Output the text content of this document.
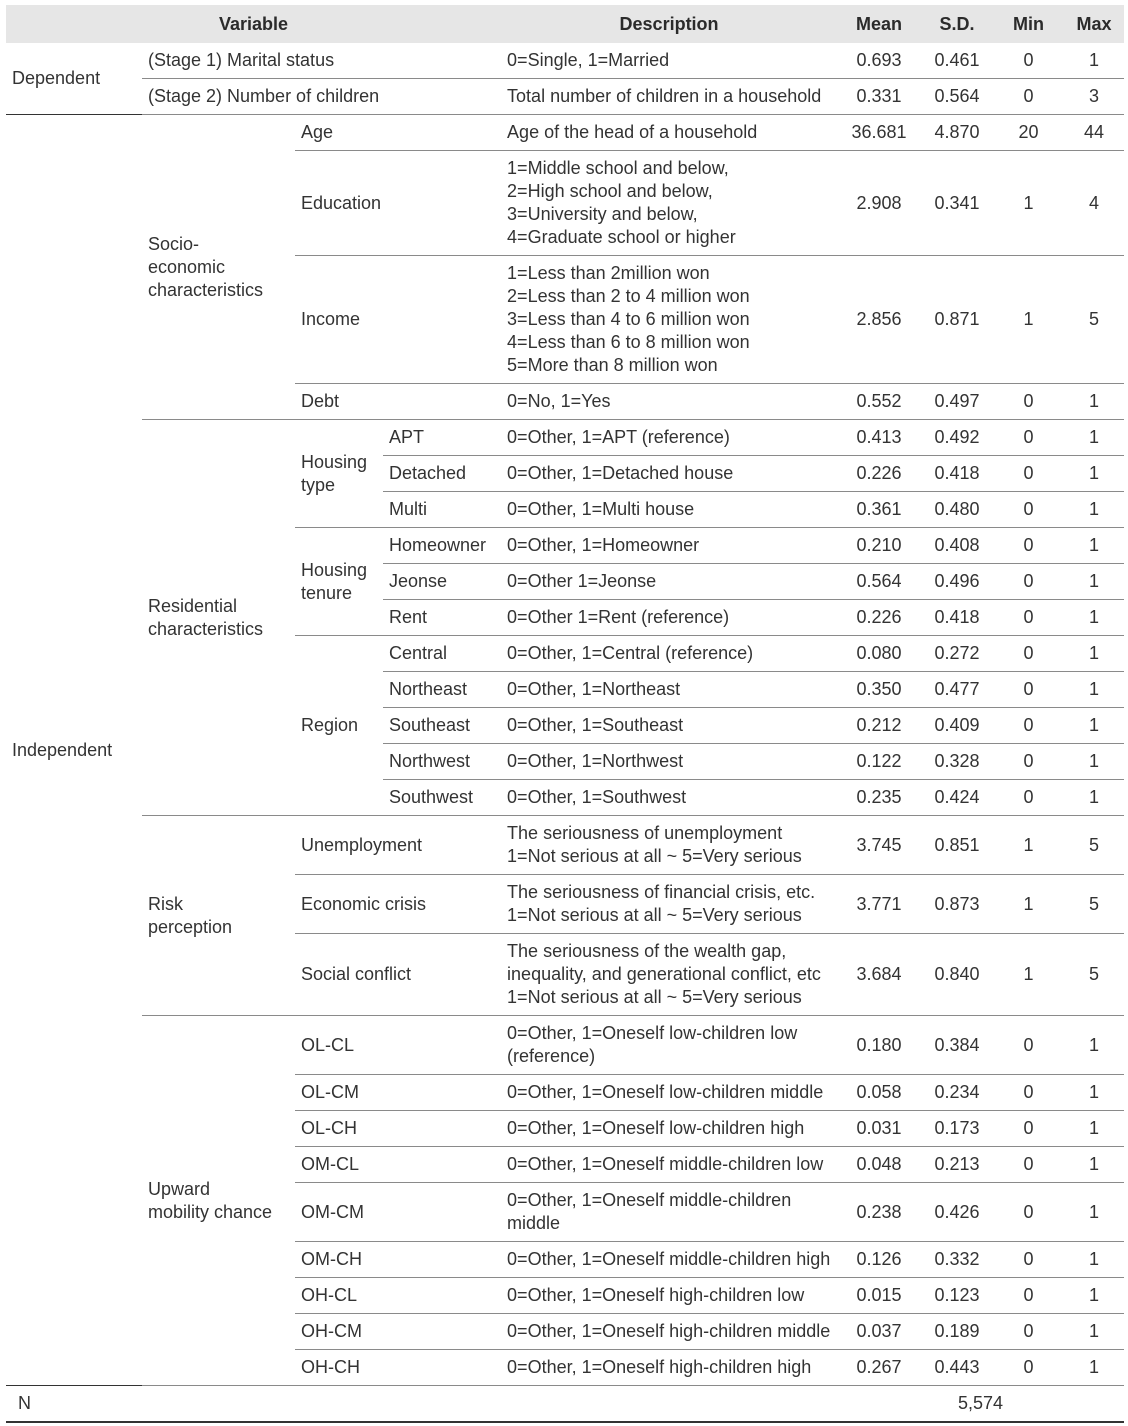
Variable				Description	Mean	S.D.	Min	Max
Dependent	(Stage 1) Marital status			0=Single, 1=Married	0.693	0.461	0	1
	(Stage 2) Number of children			Total number of children in a household	0.331	0.564	0	3
Independent	Socio-
economic
characteristics	Age		Age of the head of a household	36.681	4.870	20	44
		Education		1=Middle school and below,
2=High school and below,
3=University and below,
4=Graduate school or higher	2.908	0.341	1	4
		Income		1=Less than 2million won
2=Less than 2 to 4 million won
3=Less than 4 to 6 million won
4=Less than 6 to 8 million won
5=More than 8 million won	2.856	0.871	1	5
		Debt		0=No, 1=Yes	0.552	0.497	0	1

	Residential
characteristics	Housing
type	APT	0=Other, 1=APT (reference)	0.413	0.492	0	1
			Detached	0=Other, 1=Detached house	0.226	0.418	0	1
			Multi	0=Other, 1=Multi house	0.361	0.480	0	1

		Housing
tenure	Homeowner	0=Other, 1=Homeowner	0.210	0.408	0	1
			Jeonse	0=Other 1=Jeonse	0.564	0.496	0	1
			Rent	0=Other 1=Rent (reference)	0.226	0.418	0	1
		Region	Central	0=Other, 1=Central (reference)	0.080	0.272	0	1
			Northeast	0=Other, 1=Northeast	0.350	0.477	0	1
			Southeast	0=Other, 1=Southeast	0.212	0.409	0	1
			Northwest	0=Other, 1=Northwest	0.122	0.328	0	1
			Southwest	0=Other, 1=Southwest	0.235	0.424	0	1

	Risk
perception	Unemployment		The seriousness of unemployment
1=Not serious at all ~ 5=Very serious	3.745	0.851	1	5
		Economic crisis		The seriousness of financial crisis, etc.
1=Not serious at all ~ 5=Very serious	3.771	0.873	1	5
		Social conflict		The seriousness of the wealth gap,
inequality, and generational conflict, etc
1=Not serious at all ~ 5=Very serious	3.684	0.840	1	5

	Upward
mobility chance	OL-CL		0=Other, 1=Oneself low-children low
(reference)	0.180	0.384	0	1
		OL-CM		0=Other, 1=Oneself low-children middle	0.058	0.234	0	1
		OL-CH		0=Other, 1=Oneself low-children high	0.031	0.173	0	1
		OM-CL		0=Other, 1=Oneself middle-children low	0.048	0.213	0	1
		OM-CM		0=Other, 1=Oneself middle-children middle	0.238	0.426	0	1
		OM-CH		0=Other, 1=Oneself middle-children high	0.126	0.332	0	1
		OH-CL		0=Other, 1=Oneself high-children low	0.015	0.123	0	1
		OH-CM		0=Other, 1=Oneself high-children middle	0.037	0.189	0	1
		OH-CH		0=Other, 1=Oneself high-children high	0.267	0.443	0	1
N					5,574			
